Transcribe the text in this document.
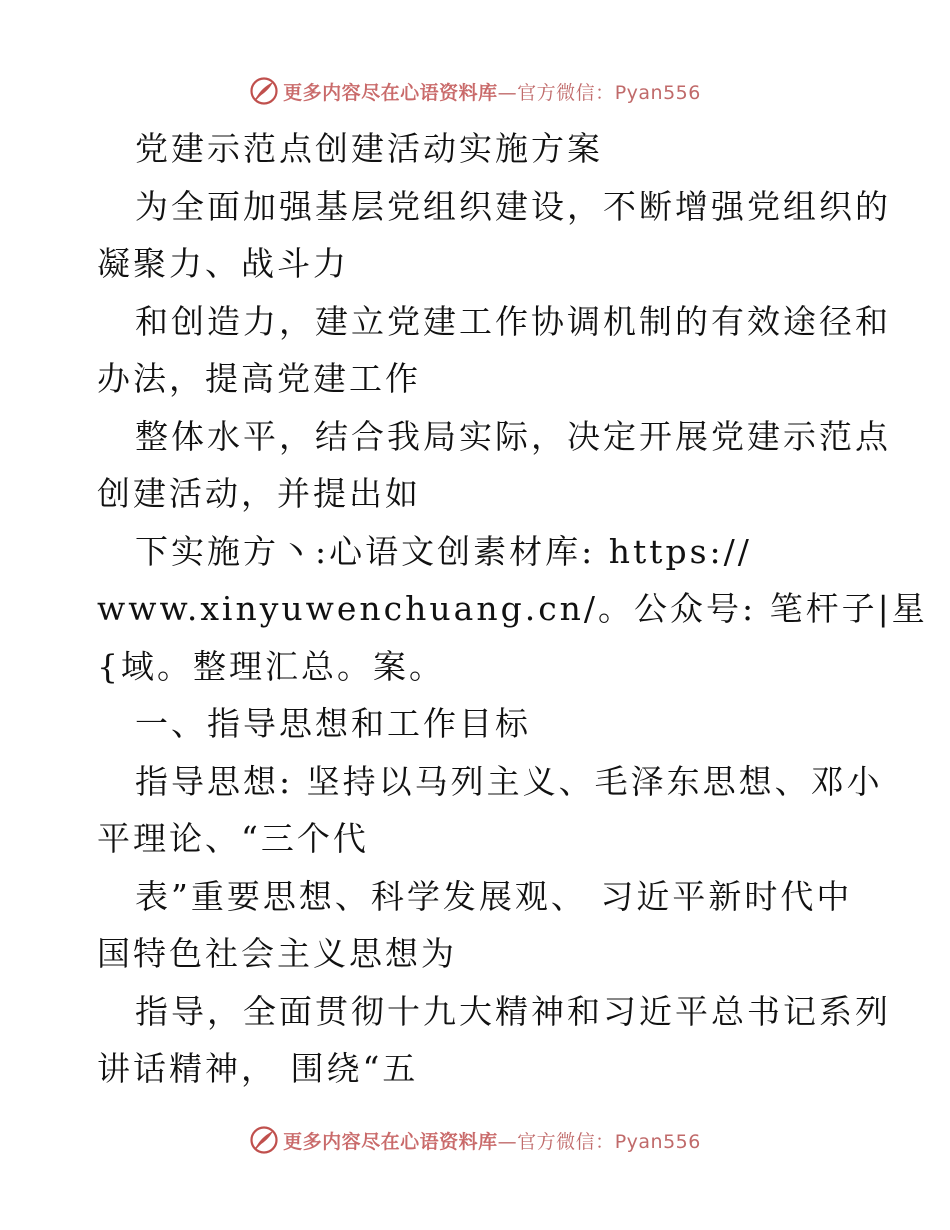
更多内容尽在心语资料库—官方微信：Pyan556
党建示范点创建活动实施方案
为全面加强基层党组织建设，不断增强党组织的
凝聚力、战斗力
和创造力，建立党建工作协调机制的有效途径和
办法，提高党建工作
整体水平，结合我局实际，决定开展党建示范点
创建活动，并提出如
下实施方丶:心语文创素材库: https://
www.xinyuwenchuang.cn/。公众号: 笔杆子|星
{域。整理汇总。案。
一、指导思想和工作目标
指导思想: 坚持以马列主义、毛泽东思想、邓小
平理论、“三个代
表”重要思想、科学发展观、 习近平新时代中
国特色社会主义思想为
指导，全面贯彻十九大精神和习近平总书记系列
讲话精神， 围绕“五
更多内容尽在心语资料库—官方微信：Pyan556
